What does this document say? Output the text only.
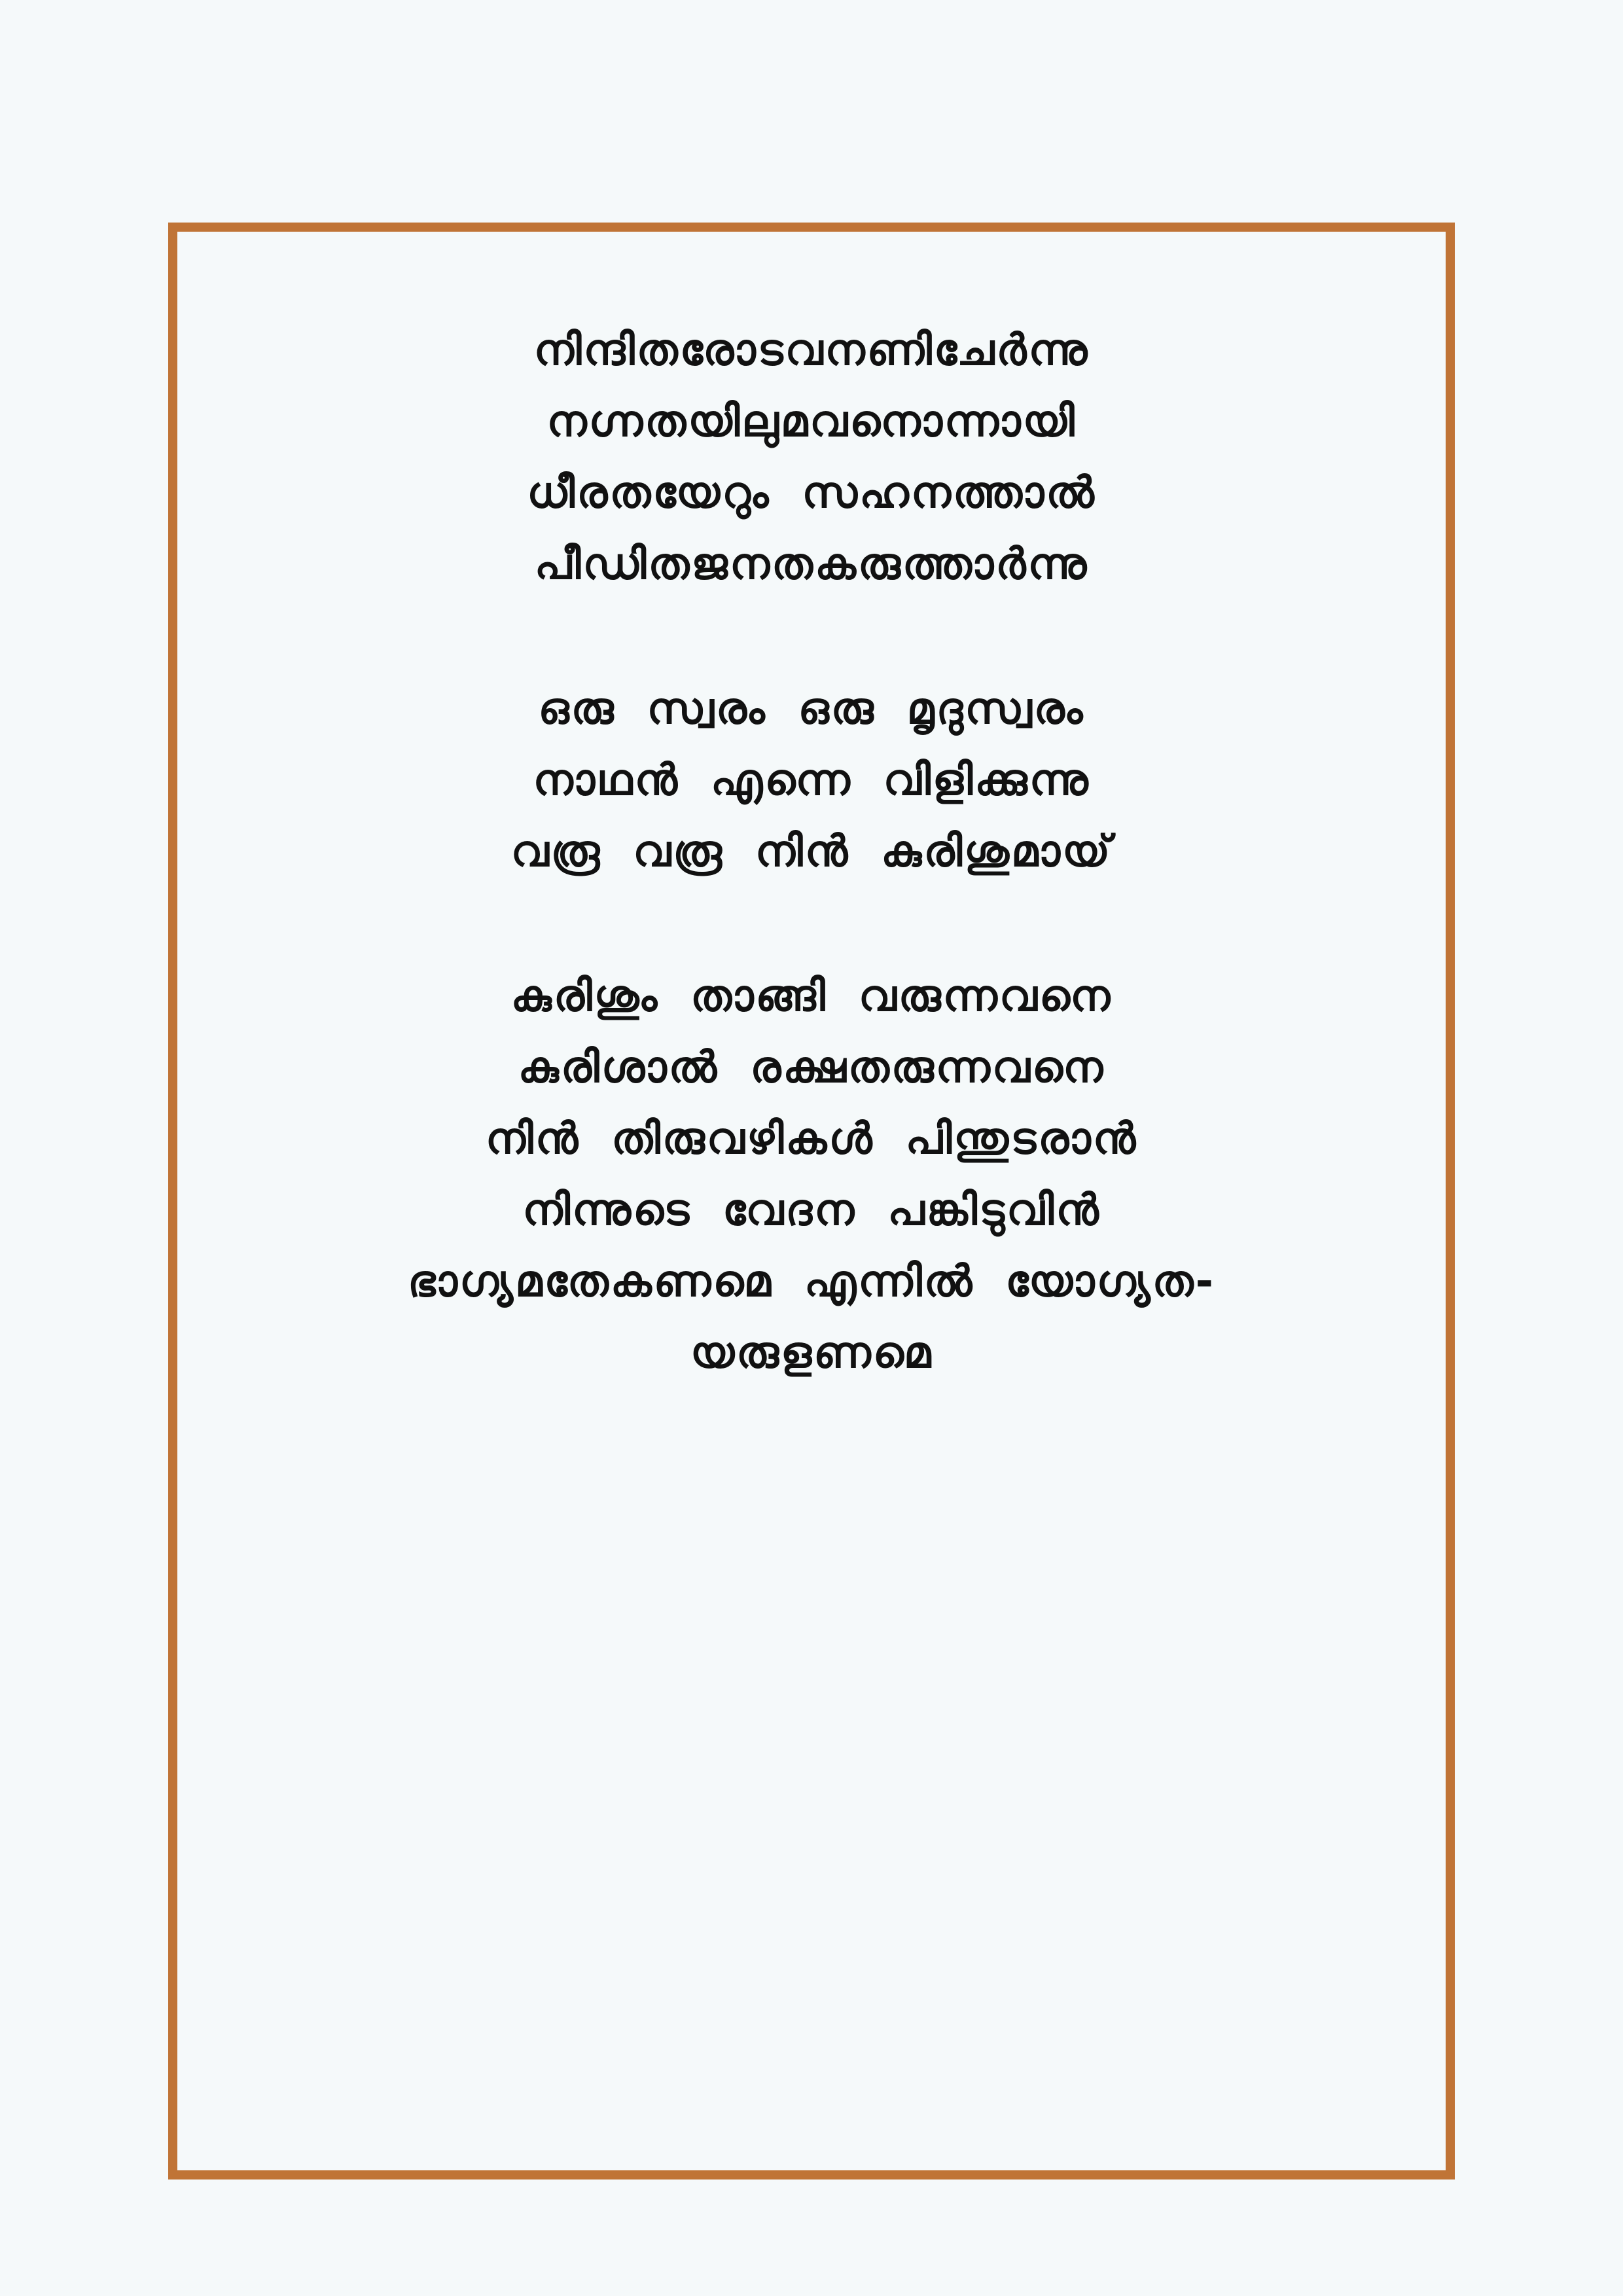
നിന്ദിതരോടവനണിചേർന്നു
നഗ്നതയിലുമവനൊന്നായി
ധീരതയേറും സഹനത്താൽ
പീഡിതജനതകരുത്താർന്നു
ഒരു സ്വരം ഒരു മൃദുസ്വരം
നാഥൻ എന്നെ വിളിക്കുന്നു
വരൂ വരൂ നിൻ കുരിശുമായ്
കുരിശും താങ്ങി വരുന്നവനെ
കുരിശാൽ രക്ഷതരുന്നവനെ
നിൻ തിരുവഴികൾ പിന്തുടരാൻ
നിന്നുടെ വേദന പങ്കിടുവിൻ
ഭാഗ്യമതേകണമെ എന്നിൽ യോഗ്യത-
യരുളണമെ
